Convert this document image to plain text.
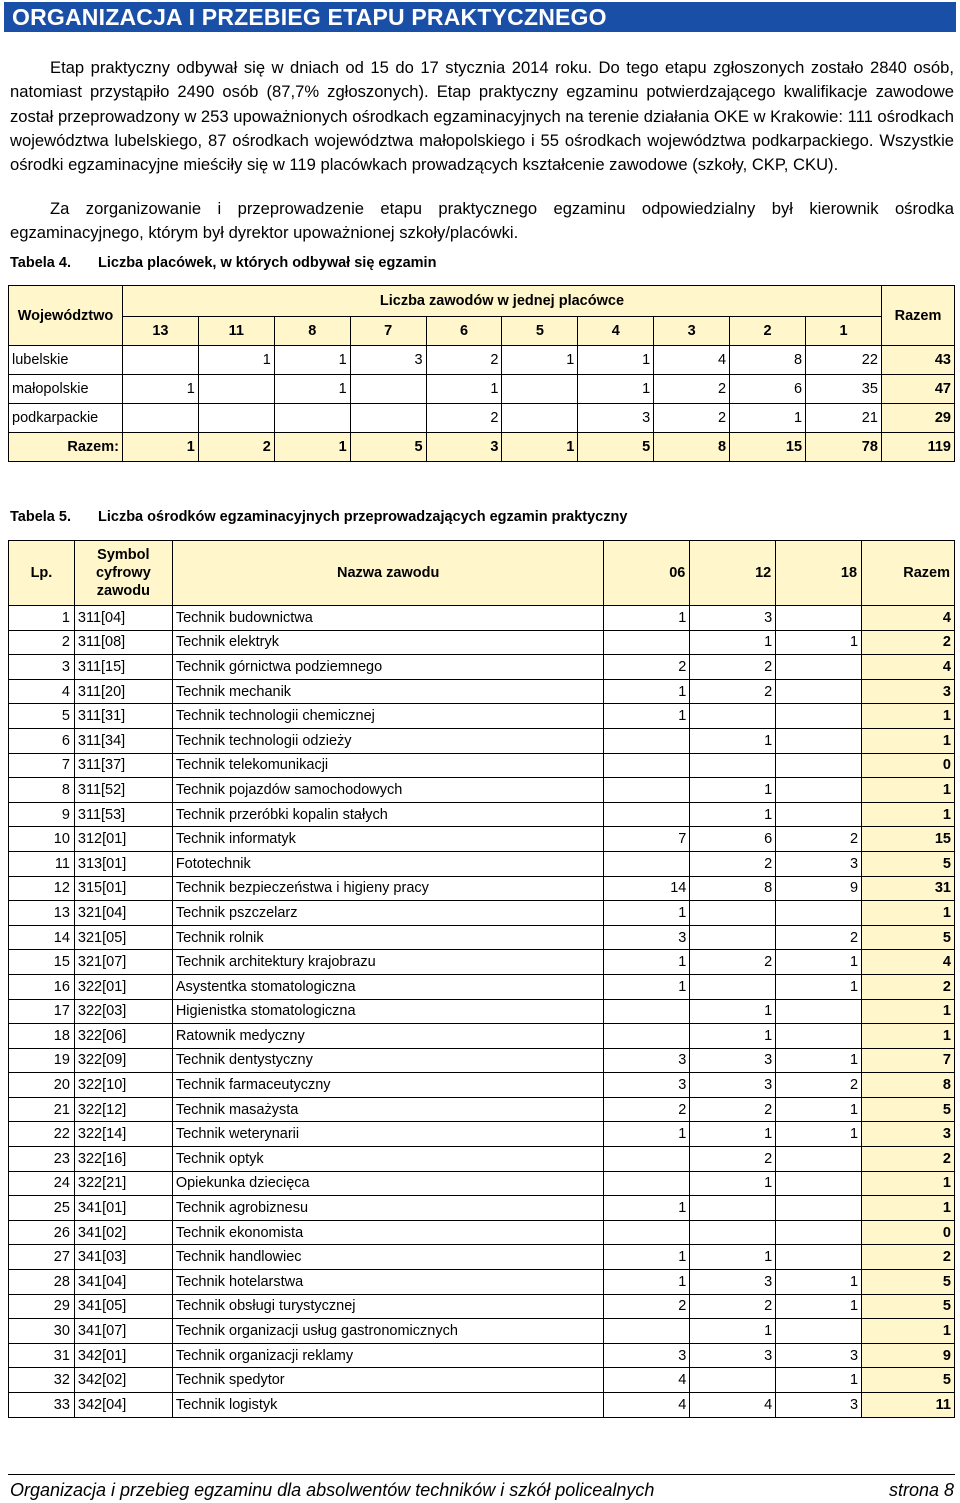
ORGANIZACJA I PRZEBIEG ETAPU PRAKTYCZNEGO
Etap praktyczny odbywał się w dniach od 15 do 17 stycznia 2014 roku. Do tego etapu zgłoszonych zostało 2840 osób, natomiast przystąpiło 2490 osób (87,7% zgłoszonych). Etap praktyczny egzaminu potwierdzającego kwalifikacje zawodowe został przeprowadzony w 253 upoważnionych ośrodkach egzaminacyjnych na terenie działania OKE w Krakowie: 111 ośrodkach województwa lubelskiego, 87 ośrodkach województwa małopolskiego i 55 ośrodkach województwa podkarpackiego. Wszystkie ośrodki egzaminacyjne mieściły się w 119 placówkach prowadzących kształcenie zawodowe (szkoły, CKP, CKU).
Za zorganizowanie i przeprowadzenie etapu praktycznego egzaminu odpowiedzialny był kierownik ośrodka egzaminacyjnego, którym był dyrektor upoważnionej szkoły/placówki.
Tabela 4. Liczba placówek, w których odbywał się egzamin
Województwo	Liczba zawodów w jednej placówce										Razem
	13	11	8	7	6	5	4	3	2	1	
lubelskie		1	1	3	2	1	1	4	8	22	43
małopolskie	1		1		1		1	2	6	35	47
podkarpackie					2		3	2	1	21	29
Razem:	1	2	1	5	3	1	5	8	15	78	119
Tabela 5. Liczba ośrodków egzaminacyjnych przeprowadzających egzamin praktyczny
Lp.	Symbol cyfrowy zawodu	Nazwa zawodu	06	12	18	Razem
1	311[04]	Technik budownictwa	1	3		4
2	311[08]	Technik elektryk		1	1	2
3	311[15]	Technik górnictwa podziemnego	2	2		4
4	311[20]	Technik mechanik	1	2		3
5	311[31]	Technik technologii chemicznej	1			1
6	311[34]	Technik technologii odzieży		1		1
7	311[37]	Technik telekomunikacji				0
8	311[52]	Technik pojazdów samochodowych		1		1
9	311[53]	Technik przeróbki kopalin stałych		1		1
10	312[01]	Technik informatyk	7	6	2	15
11	313[01]	Fototechnik		2	3	5
12	315[01]	Technik bezpieczeństwa i higieny pracy	14	8	9	31
13	321[04]	Technik pszczelarz	1			1
14	321[05]	Technik rolnik	3		2	5
15	321[07]	Technik architektury krajobrazu	1	2	1	4
16	322[01]	Asystentka stomatologiczna	1		1	2
17	322[03]	Higienistka stomatologiczna		1		1
18	322[06]	Ratownik medyczny		1		1
19	322[09]	Technik dentystyczny	3	3	1	7
20	322[10]	Technik farmaceutyczny	3	3	2	8
21	322[12]	Technik masażysta	2	2	1	5
22	322[14]	Technik weterynarii	1	1	1	3
23	322[16]	Technik optyk		2		2
24	322[21]	Opiekunka dziecięca		1		1
25	341[01]	Technik agrobiznesu	1			1
26	341[02]	Technik ekonomista				0
27	341[03]	Technik handlowiec	1	1		2
28	341[04]	Technik hotelarstwa	1	3	1	5
29	341[05]	Technik obsługi turystycznej	2	2	1	5
30	341[07]	Technik organizacji usług gastronomicznych		1		1
31	342[01]	Technik organizacji reklamy	3	3	3	9
32	342[02]	Technik spedytor	4		1	5
33	342[04]	Technik logistyk	4	4	3	11
Organizacja i przebieg egzaminu dla absolwentów techników i szkół policealnych	strona 8
